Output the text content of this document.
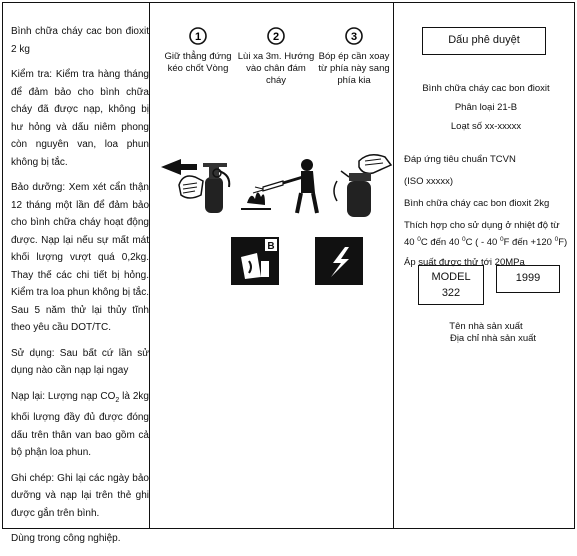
Bình chữa cháy cac bon đioxit 2 kg

Kiểm tra: Kiểm tra hàng tháng để đảm bảo cho bình chữa cháy đã được nạp, không bị hư hỏng và dấu niêm phong còn nguyên van, loa phun không bị tắc.

Bảo dưỡng: Xem xét cẩn thận 12 tháng một lần để đảm bảo cho bình chữa cháy hoạt động được. Nạp lại nếu sự mất mát khối lượng vượt quá 0,2kg. Thay thế các chi tiết bị hỏng. Kiểm tra loa phun không bị tắc. Sau 5 năm thử lại thủy tĩnh theo yêu cầu DOT/TC.

Sử dụng: Sau bất cứ lần sử dụng nào cần nạp lại ngay

Nạp lại: Lượng nạp $CO_2$ là 2kg khối lượng đầy đủ được đóng dấu trên thân van bao gồm cả bộ phận loa phun.

Ghi chép: Ghi lại các ngày bảo dưỡng và nạp lại trên thẻ ghi được gắn trên bình.

Dùng trong công nghiệp.

1
Giữ thẳng đứng kéo chốt Vòng
2
Lùi xa 3m. Hướng vào chân đám cháy
3
Bóp ép cần xoay từ phía này sang phía kia
B
Dấu phê duyệt
Bình chữa cháy cac bon đioxit
Phân loại 21-B
Loạt số xx-xxxxx
Đáp ứng tiêu chuẩn TCVN
(ISO xxxxx)
Bình chữa cháy cac bon đioxit 2kg
Thích hợp cho sử dụng ở nhiệt độ từ
40 $^0$C đến 40 $^0$C ( - 40 $^0$F đến +120 $^0$F)
Áp suất được thử tới 20MPa
MODEL
322
1999
Tên nhà sản xuất
Địa chỉ nhà sản xuất
